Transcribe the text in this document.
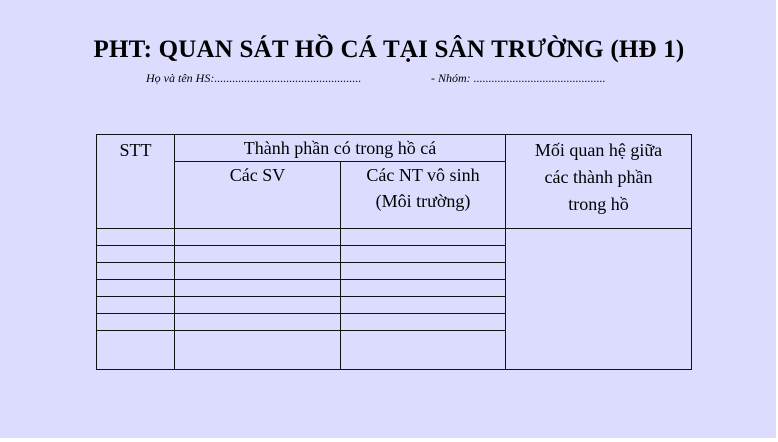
PHT: QUAN SÁT HỒ CÁ TẠI SÂN TRƯỜNG (HĐ 1)
Họ và tên HS:.................................................	- Nhóm: ............................................
STT	Thành phần có trong hồ cá		Mối quan hệ giữa
các thành phần
trong hồ
	Các SV	Các NT vô sinh
(Môi trường)	
